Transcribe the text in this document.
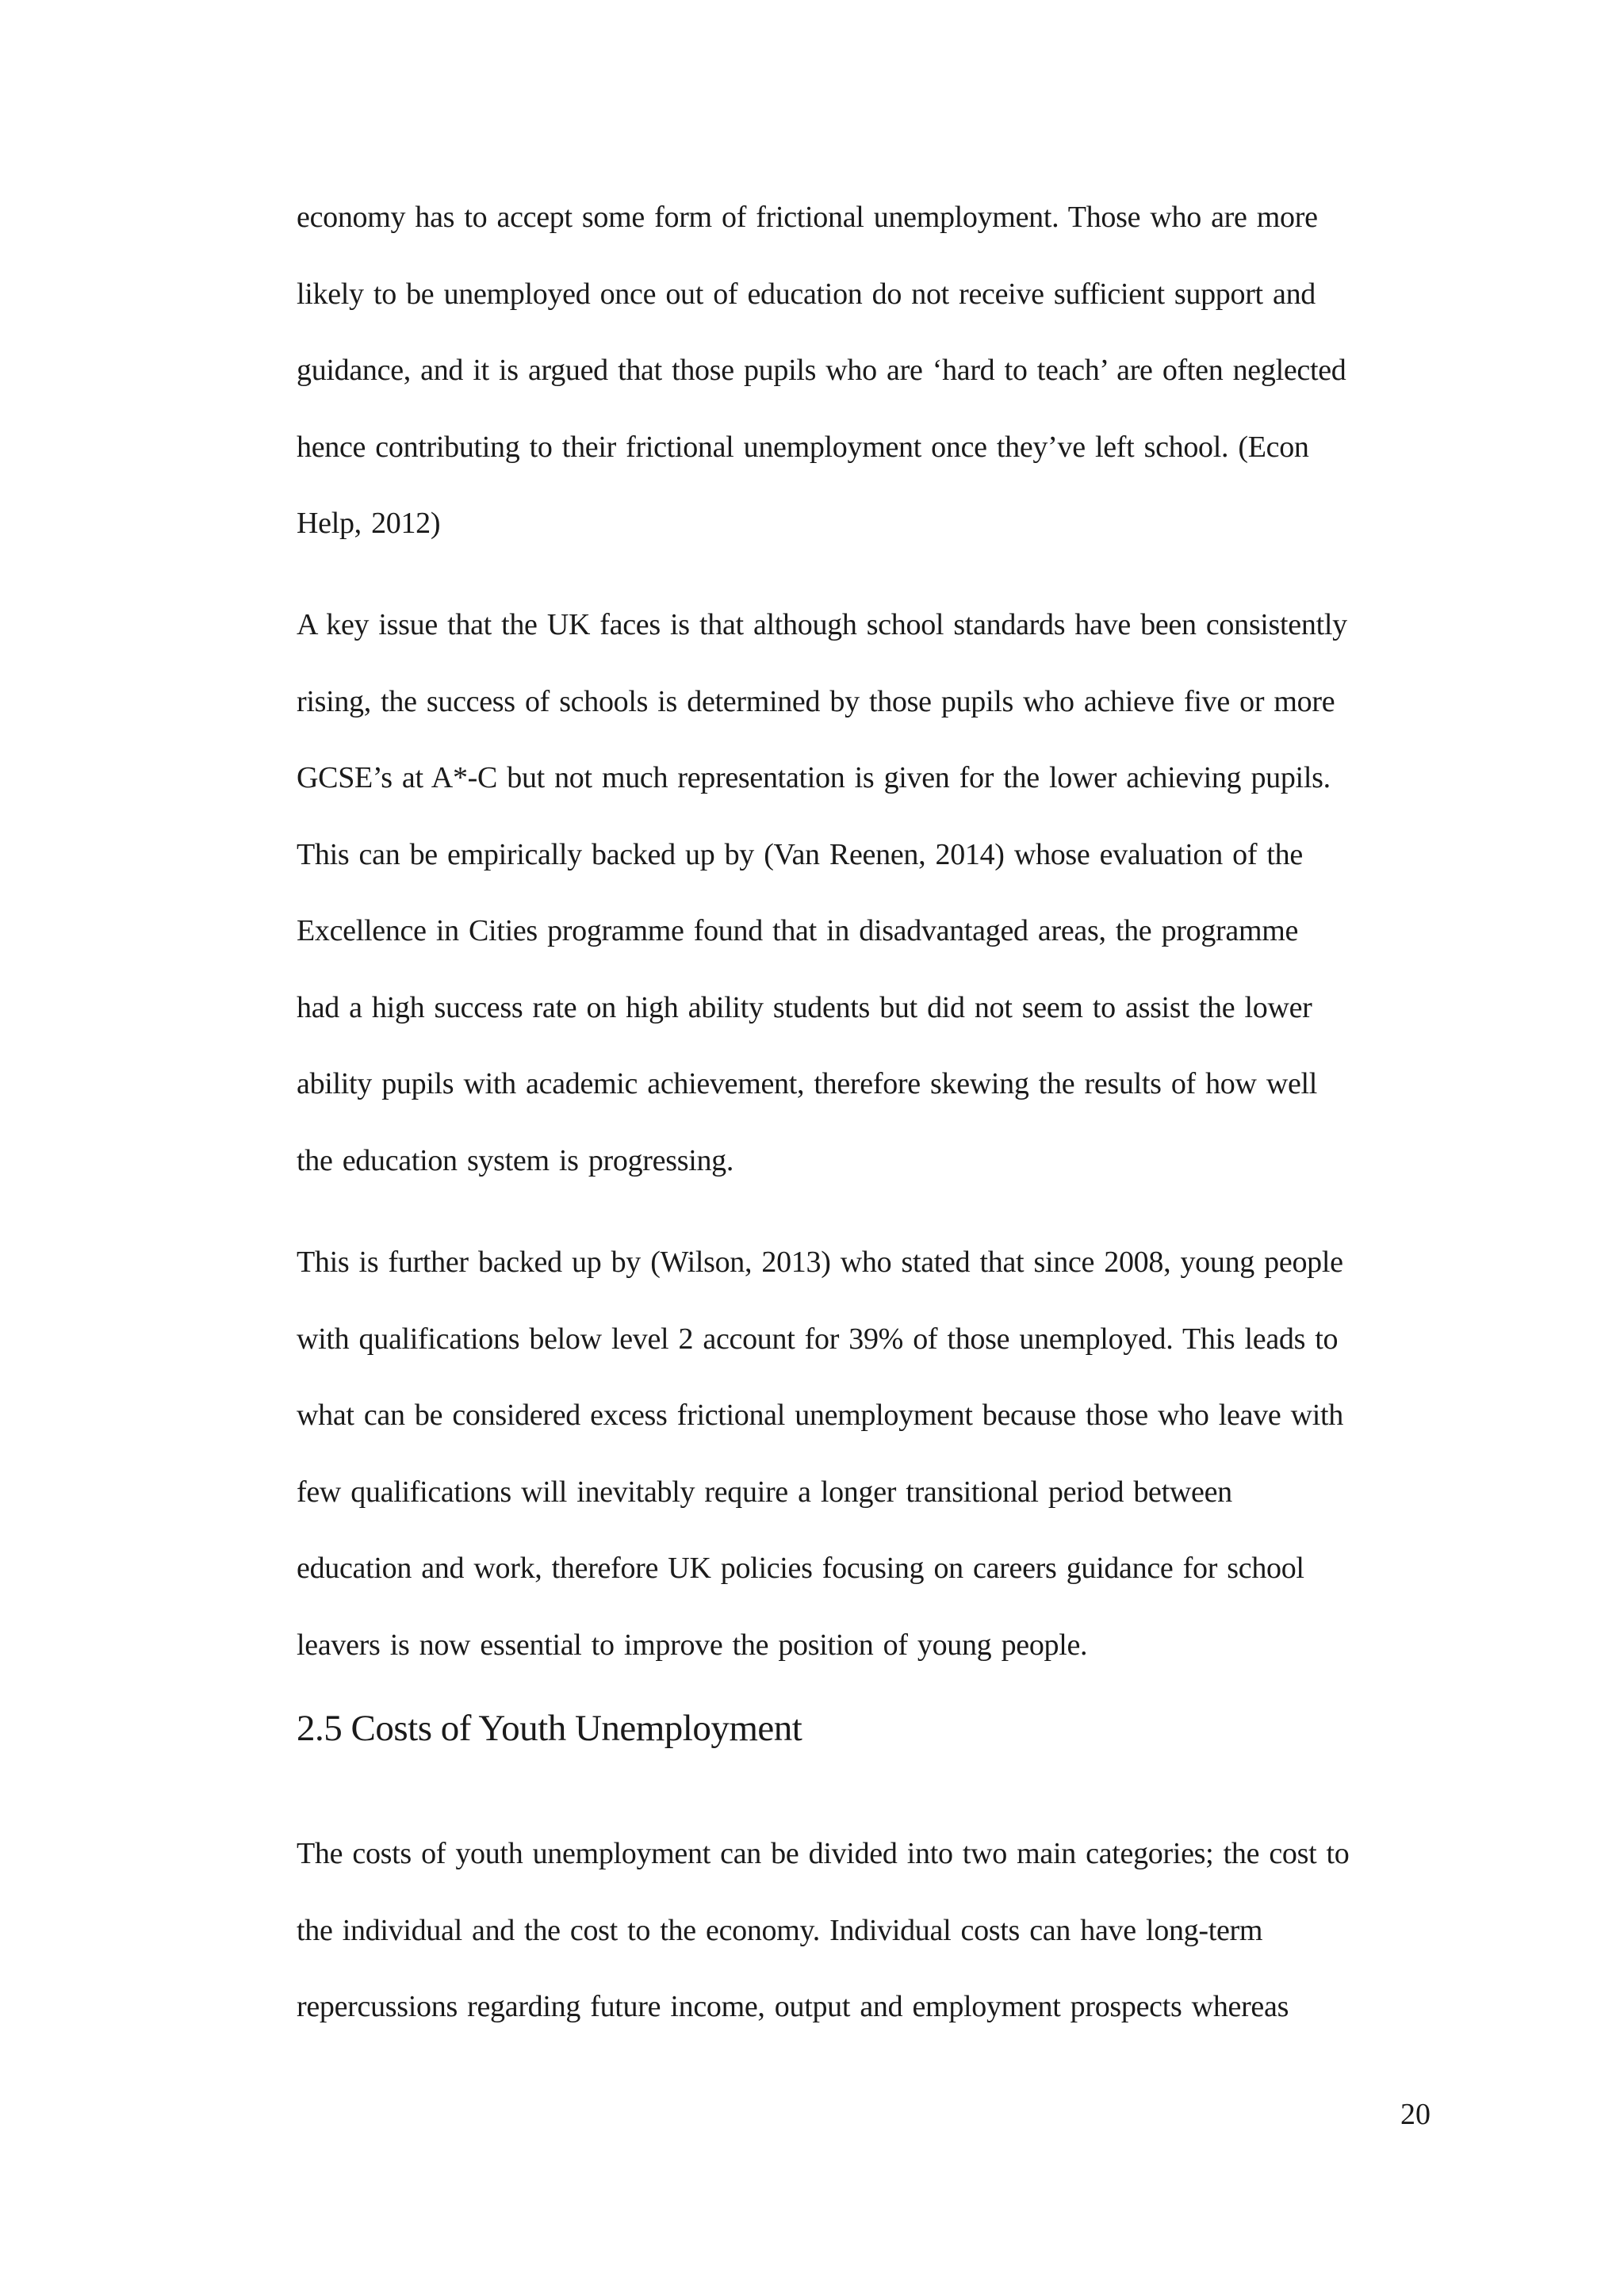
economy has to accept some form of frictional unemployment. Those who are more
likely to be unemployed once out of education do not receive sufficient support and
guidance, and it is argued that those pupils who are ‘hard to teach’ are often neglected
hence contributing to their frictional unemployment once they’ve left school. (Econ
Help, 2012)
A key issue that the UK faces is that although school standards have been consistently
rising, the success of schools is determined by those pupils who achieve five or more
GCSE’s at A*-C but not much representation is given for the lower achieving pupils.
This can be empirically backed up by (Van Reenen, 2014) whose evaluation of the
Excellence in Cities programme found that in disadvantaged areas, the programme
had a high success rate on high ability students but did not seem to assist the lower
ability pupils with academic achievement, therefore skewing the results of how well
the education system is progressing.
This is further backed up by (Wilson, 2013) who stated that since 2008, young people
with qualifications below level 2 account for 39% of those unemployed. This leads to
what can be considered excess frictional unemployment because those who leave with
few qualifications will inevitably require a longer transitional period between
education and work, therefore UK policies focusing on careers guidance for school
leavers is now essential to improve the position of young people.
2.5 Costs of Youth Unemployment
The costs of youth unemployment can be divided into two main categories; the cost to
the individual and the cost to the economy. Individual costs can have long-term
repercussions regarding future income, output and employment prospects whereas
20
